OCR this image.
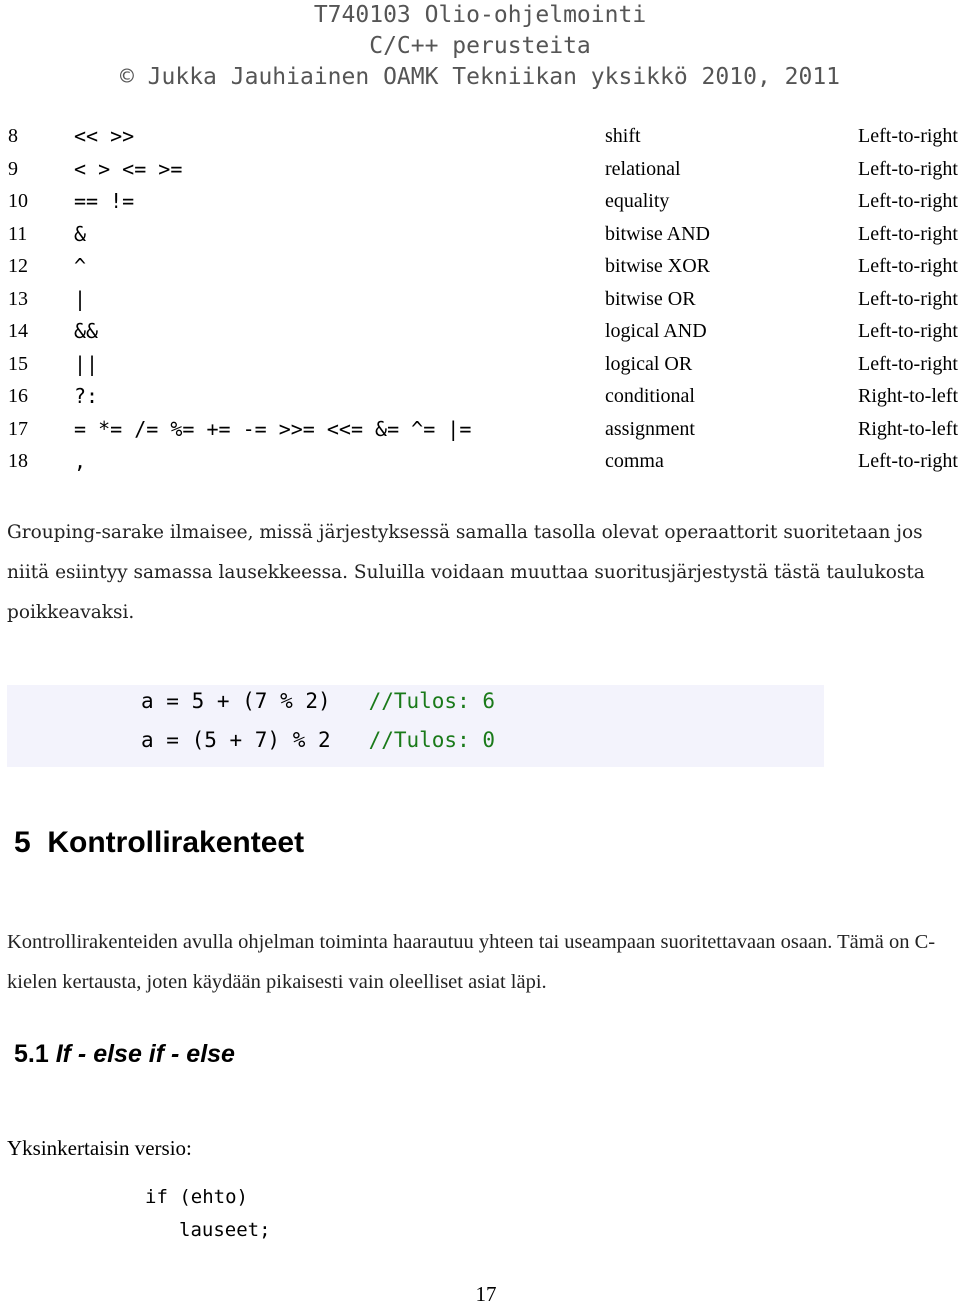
T740103 Olio-ohjelmointi
C/C++ perusteita
© Jukka Jauhiainen OAMK Tekniikan yksikkö 2010, 2011
8	<< >>	shift	Left-to-right
9	< > <= >=	relational	Left-to-right
10 == !=	equality	Left-to-right
11 &	bitwise AND	Left-to-right
12 ^	bitwise XOR	Left-to-right
13 |	bitwise OR	Left-to-right
14 &&	logical AND	Left-to-right
15 ||	logical OR	Left-to-right
16 ?:	conditional	Right-to-left
17 = *= /= %= += -= >>= <<= &= ^= |=	assignment	Right-to-left
18 ,	comma	Left-to-right
Grouping-sarake ilmaisee, missä järjestyksessä samalla tasolla olevat operaattorit suoritetaan jos niitä esiintyy samassa lausekkeessa. Suluilla voidaan muuttaa suoritusjärjestystä tästä taulukosta poikkeavaksi.
a = 5 + (7 % 2)   //Tulos: 6
a = (5 + 7) % 2   //Tulos: 0
5  Kontrollirakenteet
Kontrollirakenteiden avulla ohjelman toiminta haarautuu yhteen tai useampaan suoritettavaan osaan. Tämä on C-kielen kertausta, joten käydään pikaisesti vain oleelliset asiat läpi.
5.1 If - else if - else
Yksinkertaisin versio:
if (ehto)
lauseet;
17
